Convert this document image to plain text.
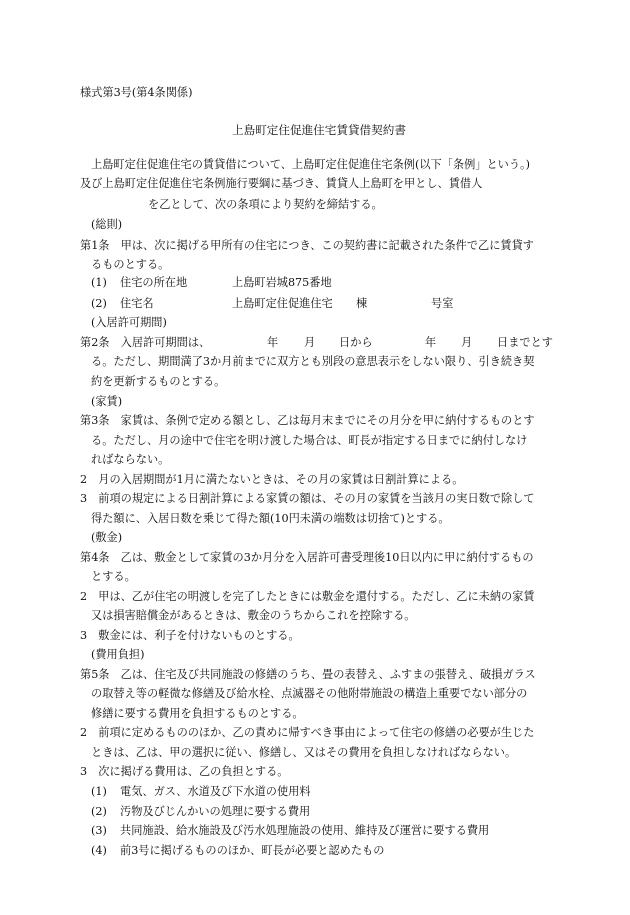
様式第3号(第4条関係)
上島町定住促進住宅賃貸借契約書
上島町定住促進住宅の賃貸借について、上島町定住促進住宅条例(以下「条例」という。)
及び上島町定住促進住宅条例施行要綱に基づき、賃貸人上島町を甲とし、賃借人
を乙として、次の条項により契約を締結する。
(総則)
第1条　甲は、次に掲げる甲所有の住宅につき、この契約書に記載された条件で乙に賃貸す
るものとする。
(1) 住宅の所在地	上島町岩城875番地
(2) 住宅名	上島町定住促進住宅 棟	号室
(入居許可期間)
第2条　入居許可期間は、	年 月 日から	年 月 日までとす
る。ただし、期間満了3か月前までに双方とも別段の意思表示をしない限り、引き続き契
約を更新するものとする。
(家賃)
第3条　家賃は、条例で定める額とし、乙は毎月末までにその月分を甲に納付するものとす
る。ただし、月の途中で住宅を明け渡した場合は、町長が指定する日までに納付しなけ
ればならない。
2　月の入居期間が1月に満たないときは、その月の家賃は日割計算による。
3　前項の規定による日割計算による家賃の額は、その月の家賃を当該月の実日数で除して
得た額に、入居日数を乗じて得た額(10円未満の端数は切捨て)とする。
(敷金)
第4条　乙は、敷金として家賃の3か月分を入居許可書受理後10日以内に甲に納付するもの
とする。
2　甲は、乙が住宅の明渡しを完了したときには敷金を還付する。ただし、乙に未納の家賃
又は損害賠償金があるときは、敷金のうちからこれを控除する。
3　敷金には、利子を付けないものとする。
(費用負担)
第5条　乙は、住宅及び共同施設の修繕のうち、畳の表替え、ふすまの張替え、破損ガラス
の取替え等の軽微な修繕及び給水栓、点滅器その他附帯施設の構造上重要でない部分の
修繕に要する費用を負担するものとする。
2　前項に定めるもののほか、乙の責めに帰すべき事由によって住宅の修繕の必要が生じた
ときは、乙は、甲の選択に従い、修繕し、又はその費用を負担しなければならない。
3　次に掲げる費用は、乙の負担とする。
(1) 電気、ガス、水道及び下水道の使用料
(2) 汚物及びじんかいの処理に要する費用
(3) 共同施設、給水施設及び汚水処理施設の使用、維持及び運営に要する費用
(4) 前3号に掲げるもののほか、町長が必要と認めたもの
